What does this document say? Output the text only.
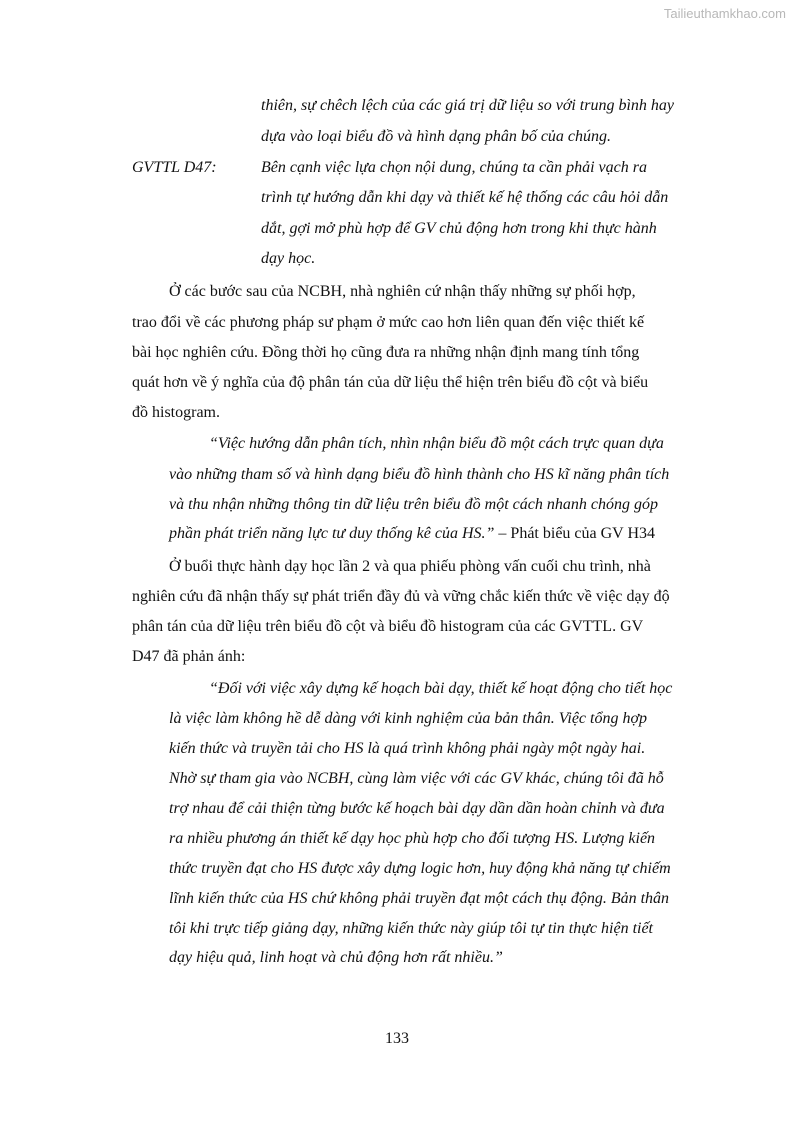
Tailieuthamkhao.com
thiên, sự chêch lệch của các giá trị dữ liệu so với trung bình hay
dựa vào loại biểu đồ và hình dạng phân bố của chúng.
GVTTL D47:	Bên cạnh việc lựa chọn nội dung, chúng ta cần phải vạch ra
trình tự hướng dẫn khi dạy và thiết kế hệ thống các câu hỏi dẫn
dắt, gợi mở phù hợp để GV chủ động hơn trong khi thực hành
dạy học.
Ở các bước sau của NCBH, nhà nghiên cứ nhận thấy những sự phối hợp,
trao đổi về các phương pháp sư phạm ở mức cao hơn liên quan đến việc thiết kế
bài học nghiên cứu. Đồng thời họ cũng đưa ra những nhận định mang tính tổng
quát hơn về ý nghĩa của độ phân tán của dữ liệu thể hiện trên biểu đồ cột và biểu
đồ histogram.
“Việc hướng dẫn phân tích, nhìn nhận biểu đồ một cách trực quan dựa
vào những tham số và hình dạng biểu đồ hình thành cho HS kĩ năng phân tích
và thu nhận những thông tin dữ liệu trên biểu đồ một cách nhanh chóng góp
phần phát triển năng lực tư duy thống kê của HS.” – Phát biểu của GV H34
Ở buổi thực hành dạy học lần 2 và qua phiếu phòng vấn cuối chu trình, nhà
nghiên cứu đã nhận thấy sự phát triển đầy đủ và vững chắc kiến thức về việc dạy độ
phân tán của dữ liệu trên biểu đồ cột và biểu đồ histogram của các GVTTL. GV
D47 đã phản ánh:
“Đối với việc xây dựng kế hoạch bài dạy, thiết kế hoạt động cho tiết học
là việc làm không hề dễ dàng với kinh nghiệm của bản thân. Việc tổng hợp
kiến thức và truyền tải cho HS là quá trình không phải ngày một ngày hai.
Nhờ sự tham gia vào NCBH, cùng làm việc với các GV khác, chúng tôi đã hỗ
trợ nhau để cải thiện từng bước kế hoạch bài dạy dần dần hoàn chỉnh và đưa
ra nhiều phương án thiết kế dạy học phù hợp cho đối tượng HS. Lượng kiến
thức truyền đạt cho HS được xây dựng logic hơn, huy động khả năng tự chiếm
lĩnh kiến thức của HS chứ không phải truyền đạt một cách thụ động. Bản thân
tôi khi trực tiếp giảng dạy, những kiến thức này giúp tôi tự tin thực hiện tiết
dạy hiệu quả, linh hoạt và chủ động hơn rất nhiều.”
133
